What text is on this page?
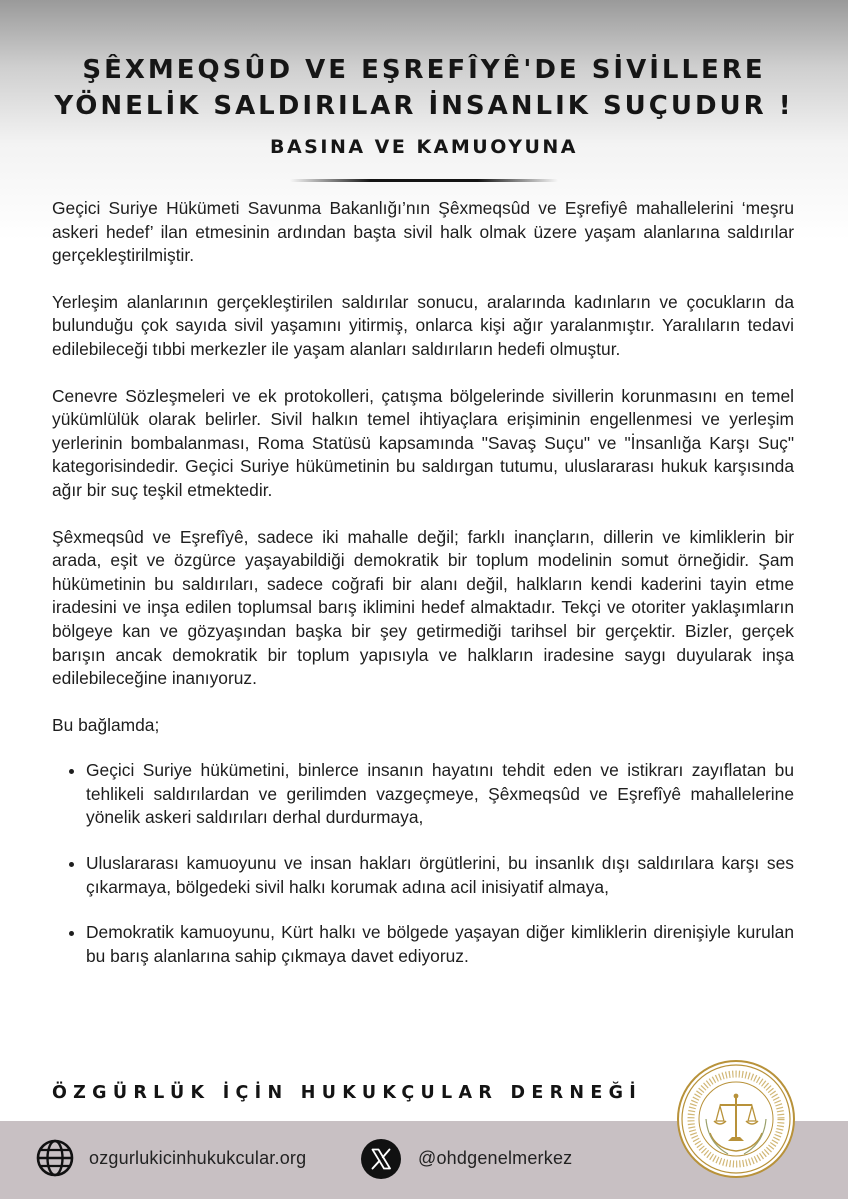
ŞÊXMEQSÛD VE EŞREFÎYÊ'DE SİVİLLERE
YÖNELİK SALDIRILAR İNSANLIK SUÇUDUR !
BASINA VE KAMUOYUNA

Geçici Suriye Hükümeti Savunma Bakanlığı’nın Şêxmeqsûd ve Eşrefiyê mahallelerini ‘meşru askeri hedef’ ilan etmesinin ardından başta sivil halk olmak üzere yaşam alanlarına saldırılar gerçekleştirilmiştir.

Yerleşim alanlarının gerçekleştirilen saldırılar sonucu, aralarında kadınların ve çocukların da bulunduğu çok sayıda sivil yaşamını yitirmiş, onlarca kişi ağır yaralanmıştır. Yaralıların tedavi edilebileceği tıbbi merkezler ile yaşam alanları saldırıların hedefi olmuştur.

Cenevre Sözleşmeleri ve ek protokolleri, çatışma bölgelerinde sivillerin korunmasını en temel yükümlülük olarak belirler. Sivil halkın temel ihtiyaçlara erişiminin engellenmesi ve yerleşim yerlerinin bombalanması, Roma Statüsü kapsamında "Savaş Suçu" ve "İnsanlığa Karşı Suç" kategorisindedir. Geçici Suriye hükümetinin bu saldırgan tutumu, uluslararası hukuk karşısında ağır bir suç teşkil etmektedir.

Şêxmeqsûd ve Eşrefîyê, sadece iki mahalle değil; farklı inançların, dillerin ve kimliklerin bir arada, eşit ve özgürce yaşayabildiği demokratik bir toplum modelinin somut örneğidir. Şam hükümetinin bu saldırıları, sadece coğrafi bir alanı değil, halkların kendi kaderini tayin etme iradesini ve inşa edilen toplumsal barış iklimini hedef almaktadır. Tekçi ve otoriter yaklaşımların bölgeye kan ve gözyaşından başka bir şey getirmediği tarihsel bir gerçektir. Bizler, gerçek barışın ancak demokratik bir toplum yapısıyla ve halkların iradesine saygı duyularak inşa edilebileceğine inanıyoruz.

Bu bağlamda;

• Geçici Suriye hükümetini, binlerce insanın hayatını tehdit eden ve istikrarı zayıflatan bu tehlikeli saldırılardan ve gerilimden vazgeçmeye, Şêxmeqsûd ve Eşrefîyê mahallelerine yönelik askeri saldırıları derhal durdurmaya,
• Uluslararası kamuoyunu ve insan hakları örgütlerini, bu insanlık dışı saldırılara karşı ses çıkarmaya, bölgedeki sivil halkı korumak adına acil inisiyatif almaya,
• Demokratik kamuoyunu, Kürt halkı ve bölgede yaşayan diğer kimliklerin direnişiyle kurulan bu barış alanlarına sahip çıkmaya davet ediyoruz.
ÖZGÜRLÜK İÇİN HUKUKÇULAR DERNEĞİ
ozgurlukicinhukukcular.org	@ohdgenelmerkez
